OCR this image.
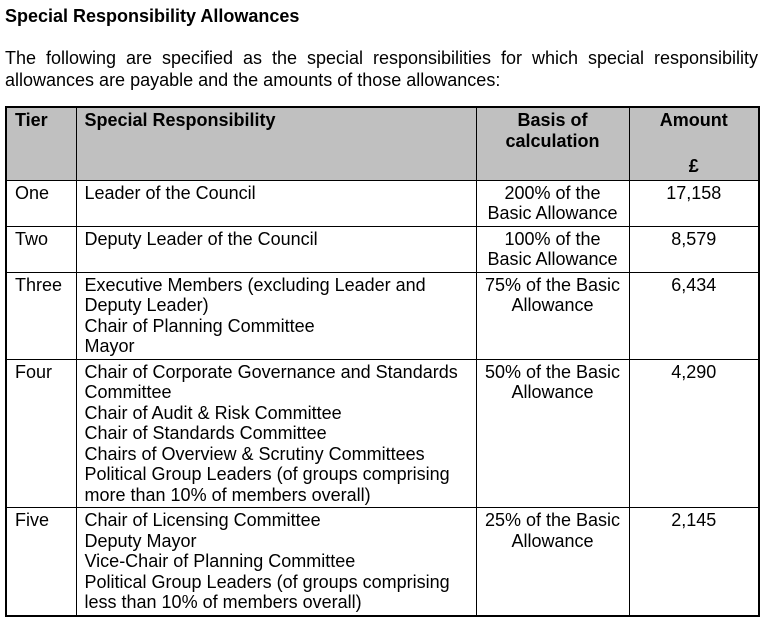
Special Responsibility Allowances

The following are specified as the special responsibilities for which special responsibility allowances are payable and the amounts of those allowances:

Tier	Special Responsibility	Basis of calculation	Amount
£

One	Leader of the Council	200% of the Basic Allowance	17,158
Two	Deputy Leader of the Council	100% of the Basic Allowance	8,579
Three	Executive Members (excluding Leader and Deputy Leader)
Chair of Planning Committee
Mayor	75% of the Basic Allowance	6,434
Four	Chair of Corporate Governance and Standards Committee
Chair of Audit & Risk Committee
Chair of Standards Committee
Chairs of Overview & Scrutiny Committees
Political Group Leaders (of groups comprising more than 10% of members overall)	50% of the Basic Allowance	4,290
Five	Chair of Licensing Committee
Deputy Mayor
Vice-Chair of Planning Committee
Political Group Leaders (of groups comprising less than 10% of members overall)	25% of the Basic Allowance	2,145
